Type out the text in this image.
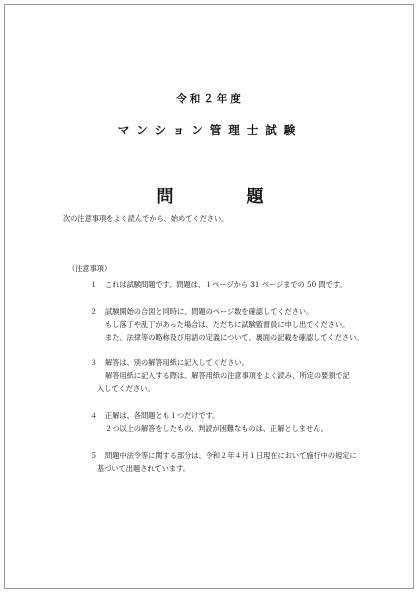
令和２年度
マンション管理士試験
問　題
次の注意事項をよく読んでから、始めてください。
（注意事項）
１ これは試験問題です。問題は、１ページから 31 ページまでの 50 問です。
２ 試験開始の合図と同時に、問題のページ数を確認してください。
もし落丁や乱丁があった場合は、ただちに試験監督員に申し出てください。
また、法律等の略称及び用語の定義について、裏面の記載を確認してください。
３ 解答は、別の解答用紙に記入してください。
解答用紙に記入する際は、解答用紙の注意事項をよく読み、所定の要領で記
入してください。
４ 正解は、各問題とも１つだけです。
２つ以上の解答をしたもの、判読が困難なものは、正解としません。
５ 問題中法令等に関する部分は、令和２年４月１日現在において施行中の規定に
基づいて出題されています。
